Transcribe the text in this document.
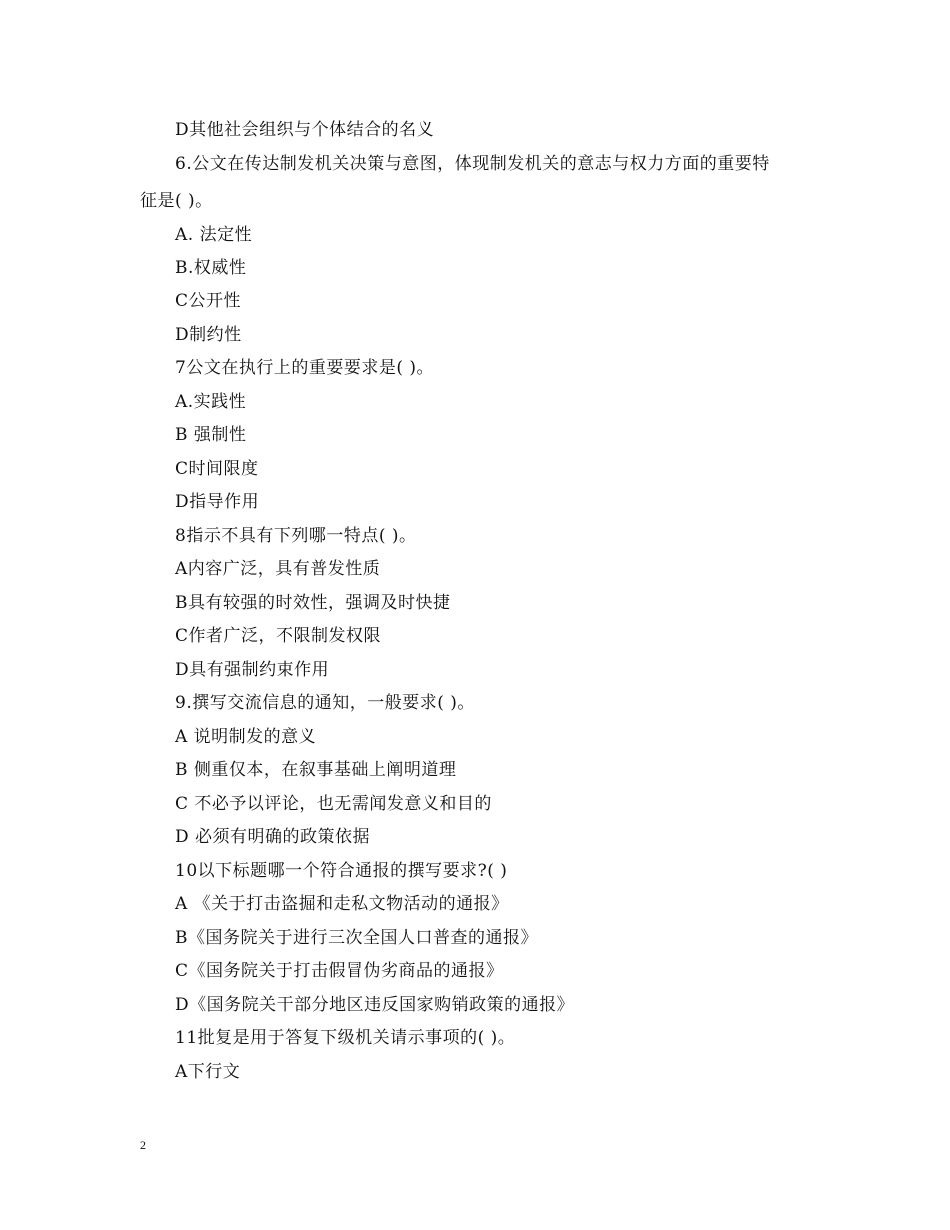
D其他社会组织与个体结合的名义
6.公文在传达制发机关决策与意图，体现制发机关的意志与权力方面的重要特
征是( )。
A. 法定性
B.权威性
C公开性
D制约性
7公文在执行上的重要要求是( )。
A.实践性
B 强制性
C时间限度
D指导作用
8指示不具有下列哪一特点( )。
A内容广泛，具有普发性质
B具有较强的时效性，强调及时快捷
C作者广泛，不限制发权限
D具有强制约束作用
9.撰写交流信息的通知，一般要求( )。
A 说明制发的意义
B 侧重仅本，在叙事基础上阐明道理
C 不必予以评论，也无需闻发意义和目的
D 必须有明确的政策依据
10以下标题哪一个符合通报的撰写要求?( )
A 《关于打击盗掘和走私文物活动的通报》
B《国务院关于进行三次全国人口普查的通报》
C《国务院关于打击假冒伪劣商品的通报》
D《国务院关干部分地区违反国家购销政策的通报》
11批复是用于答复下级机关请示事项的( )。
A下行文
2
